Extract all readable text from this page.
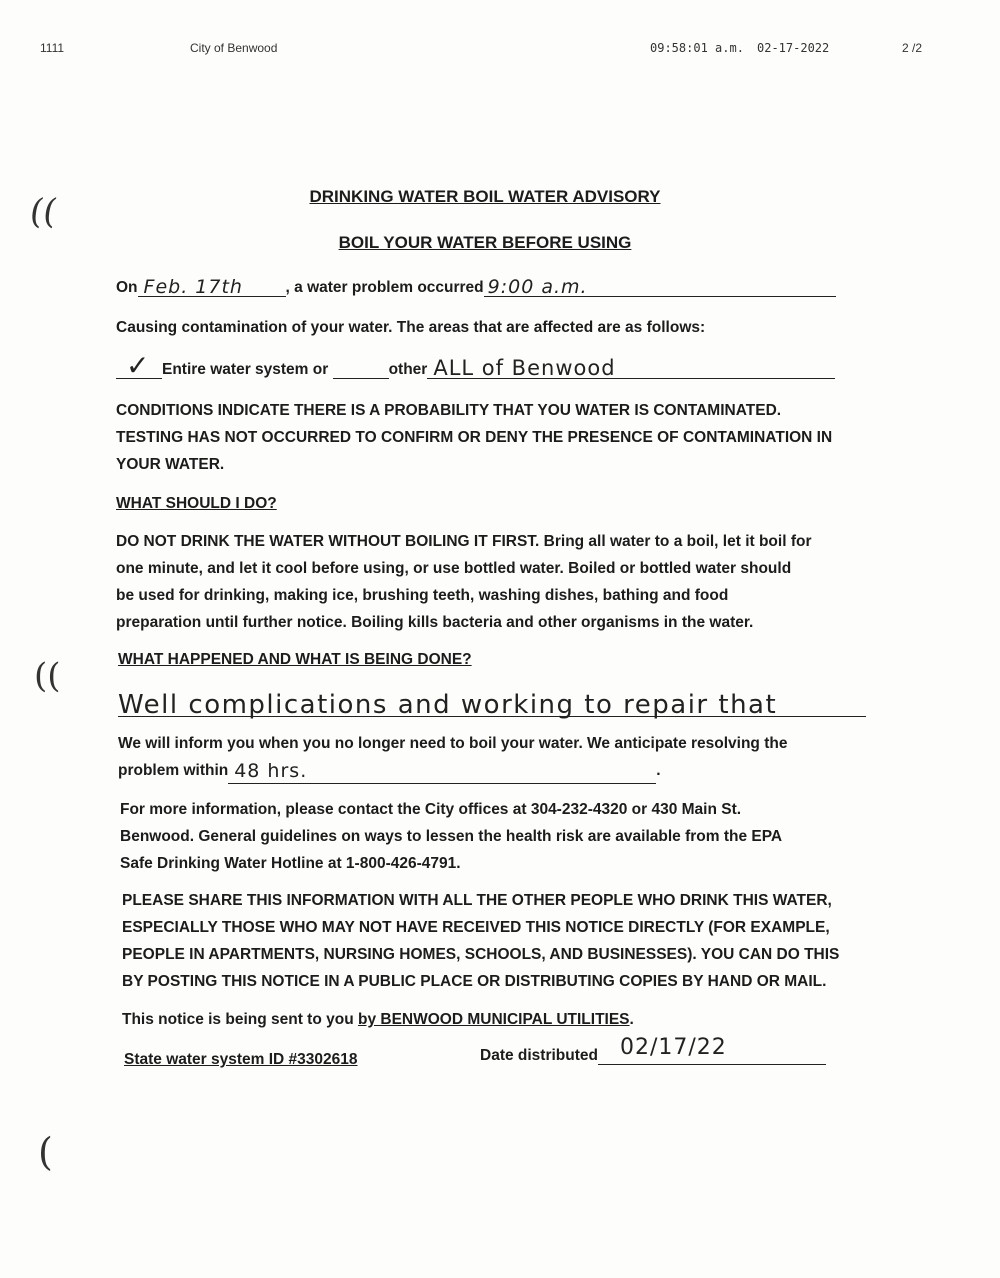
1111	City of Benwood	09:58:01 a.m. 02-17-2022	2 /2
((
((
(
DRINKING WATER BOIL WATER ADVISORY
BOIL YOUR WATER BEFORE USING
On Feb. 17th	, a water problem occurred 9:00 a.m.
Causing contamination of your water. The areas that are affected are as follows:
✓ Entire water system or	other ALL of Benwood
CONDITIONS INDICATE THERE IS A PROBABILITY THAT YOU WATER IS CONTAMINATED.
TESTING HAS NOT OCCURRED TO CONFIRM OR DENY THE PRESENCE OF CONTAMINATION IN
YOUR WATER.
WHAT SHOULD I DO?
DO NOT DRINK THE WATER WITHOUT BOILING IT FIRST. Bring all water to a boil, let it boil for
one minute, and let it cool before using, or use bottled water. Boiled or bottled water should
be used for drinking, making ice, brushing teeth, washing dishes, bathing and food
preparation until further notice. Boiling kills bacteria and other organisms in the water.
WHAT HAPPENED AND WHAT IS BEING DONE?
Well complications and working to repair that
We will inform you when you no longer need to boil your water. We anticipate resolving the
problem within 48 hrs.	.
For more information, please contact the City offices at 304-232-4320 or 430 Main St.
Benwood. General guidelines on ways to lessen the health risk are available from the EPA
Safe Drinking Water Hotline at 1-800-426-4791.
PLEASE SHARE THIS INFORMATION WITH ALL THE OTHER PEOPLE WHO DRINK THIS WATER,
ESPECIALLY THOSE WHO MAY NOT HAVE RECEIVED THIS NOTICE DIRECTLY (FOR EXAMPLE,
PEOPLE IN APARTMENTS, NURSING HOMES, SCHOOLS, AND BUSINESSES). YOU CAN DO THIS
BY POSTING THIS NOTICE IN A PUBLIC PLACE OR DISTRIBUTING COPIES BY HAND OR MAIL.
This notice is being sent to you by BENWOOD MUNICIPAL UTILITIES.
State water system ID #3302618	Date distributed 02/17/22
